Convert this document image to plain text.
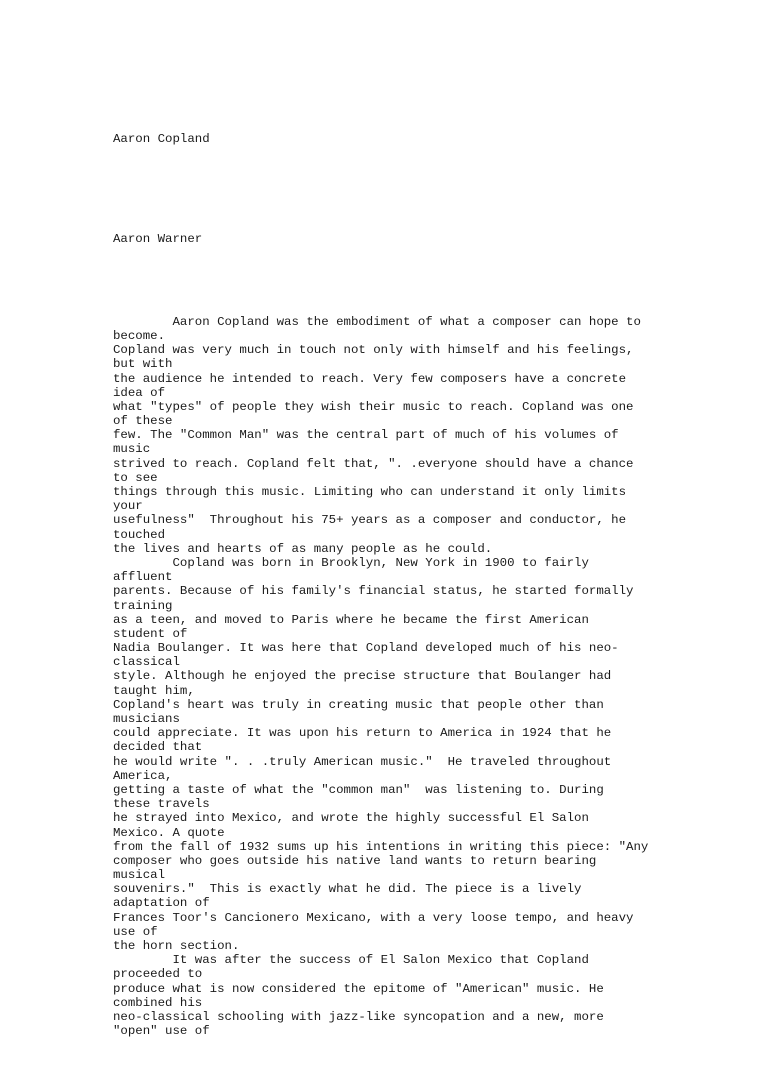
Aaron Copland

Aaron Warner

Aaron Copland was the embodiment of what a composer can hope to
become.
Copland was very much in touch not only with himself and his feelings,
but with
the audience he intended to reach. Very few composers have a concrete
idea of
what "types" of people they wish their music to reach. Copland was one
of these
few. The "Common Man" was the central part of much of his volumes of
music
strived to reach. Copland felt that, ". .everyone should have a chance
to see
things through this music. Limiting who can understand it only limits
your
usefulness"  Throughout his 75+ years as a composer and conductor, he
touched
the lives and hearts of as many people as he could.
Copland was born in Brooklyn, New York in 1900 to fairly
affluent
parents. Because of his family's financial status, he started formally
training
as a teen, and moved to Paris where he became the first American
student of
Nadia Boulanger. It was here that Copland developed much of his neo-
classical
style. Although he enjoyed the precise structure that Boulanger had
taught him,
Copland's heart was truly in creating music that people other than
musicians
could appreciate. It was upon his return to America in 1924 that he
decided that
he would write ". . .truly American music."  He traveled throughout
America,
getting a taste of what the "common man"  was listening to. During
these travels
he strayed into Mexico, and wrote the highly successful El Salon
Mexico. A quote
from the fall of 1932 sums up his intentions in writing this piece: "Any
composer who goes outside his native land wants to return bearing
musical
souvenirs."  This is exactly what he did. The piece is a lively
adaptation of
Frances Toor's Cancionero Mexicano, with a very loose tempo, and heavy
use of
the horn section.
It was after the success of El Salon Mexico that Copland
proceeded to
produce what is now considered the epitome of "American" music. He
combined his
neo-classical schooling with jazz-like syncopation and a new, more
"open" use of
